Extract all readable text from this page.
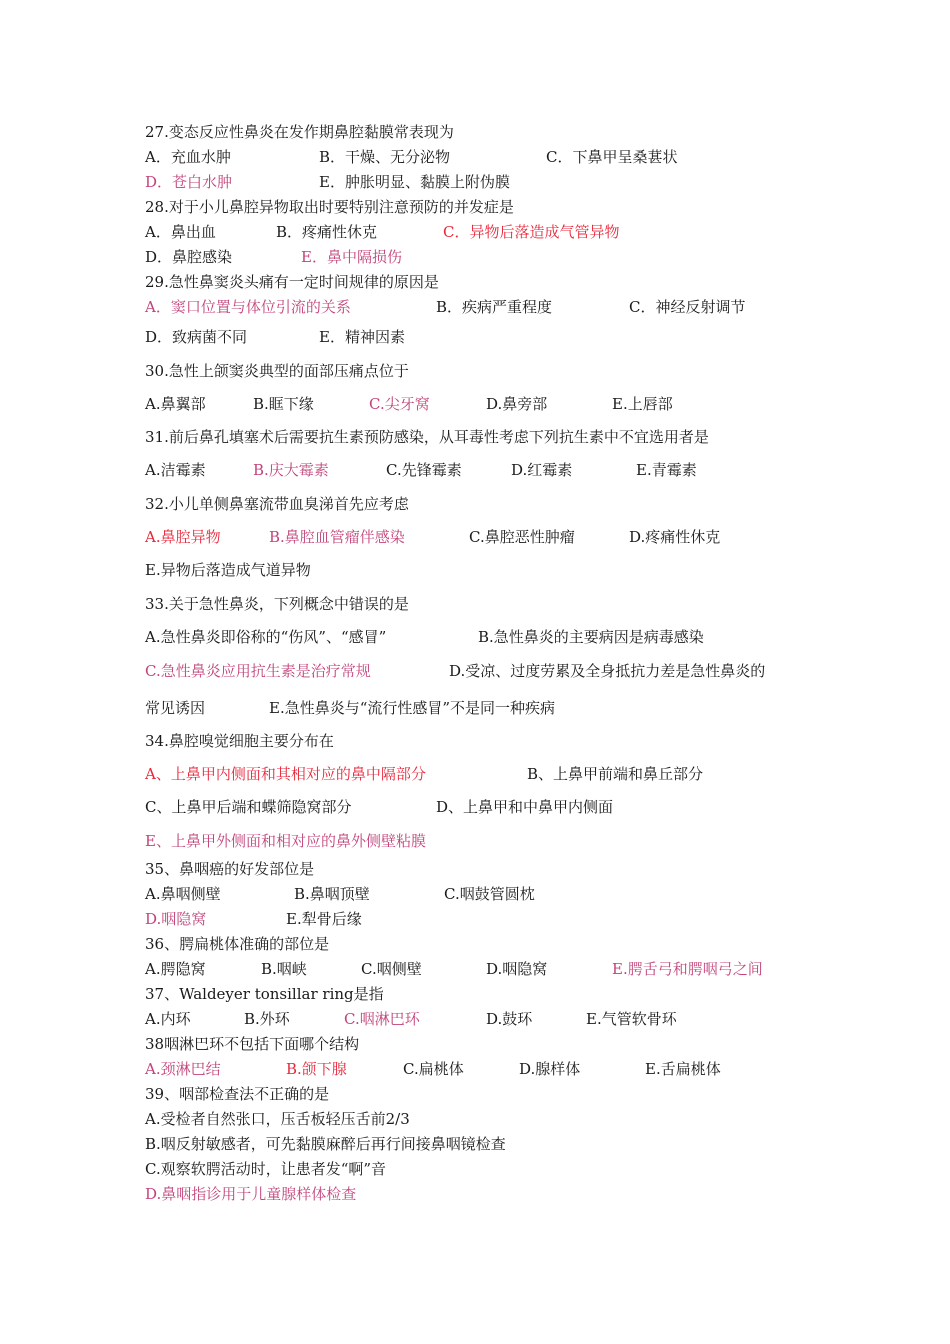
27.变态反应性鼻炎在发作期鼻腔黏膜常表现为
A．充血水肿	B．干燥、无分泌物	C．下鼻甲呈桑葚状
D．苍白水肿	E．肿胀明显、黏膜上附伪膜
28.对于小儿鼻腔异物取出时要特别注意预防的并发症是
A．鼻出血	B．疼痛性休克	C．异物后落造成气管异物
D．鼻腔感染	E．鼻中隔损伤
29.急性鼻窦炎头痛有一定时间规律的原因是
A．窦口位置与体位引流的关系	B．疾病严重程度	C．神经反射调节
D．致病菌不同	E．精神因素
30.急性上颌窦炎典型的面部压痛点位于
A.鼻翼部	B.眶下缘	C.尖牙窝	D.鼻旁部	E.上唇部
31.前后鼻孔填塞术后需要抗生素预防感染，从耳毒性考虑下列抗生素中不宜选用者是
A.洁霉素	B.庆大霉素	C.先锋霉素	D.红霉素	E.青霉素
32.小儿单侧鼻塞流带血臭涕首先应考虑
A.鼻腔异物	B.鼻腔血管瘤伴感染	C.鼻腔恶性肿瘤	D.疼痛性休克
E.异物后落造成气道异物
33.关于急性鼻炎，下列概念中错误的是
A.急性鼻炎即俗称的“伤风”、“感冒”	B.急性鼻炎的主要病因是病毒感染
C.急性鼻炎应用抗生素是治疗常规	D.受凉、过度劳累及全身抵抗力差是急性鼻炎的
常见诱因	E.急性鼻炎与“流行性感冒”不是同一种疾病
34.鼻腔嗅觉细胞主要分布在
A、上鼻甲内侧面和其相对应的鼻中隔部分	B、上鼻甲前端和鼻丘部分
C、上鼻甲后端和蝶筛隐窝部分	D、上鼻甲和中鼻甲内侧面
E、上鼻甲外侧面和相对应的鼻外侧壁粘膜
35、鼻咽癌的好发部位是
A.鼻咽侧壁	B.鼻咽顶壁	C.咽鼓管圆枕
D.咽隐窝	E.犁骨后缘
36、腭扁桃体准确的部位是
A.腭隐窝	B.咽峡	C.咽侧壁	D.咽隐窝	E.腭舌弓和腭咽弓之间
37、Waldeyer tonsillar ring是指
A.内环	B.外环	C.咽淋巴环	D.鼓环	E.气管软骨环
38咽淋巴环不包括下面哪个结构
A.颈淋巴结	B.颌下腺	C.扁桃体	D.腺样体	E.舌扁桃体
39、咽部检查法不正确的是
A.受检者自然张口，压舌板轻压舌前2/3
B.咽反射敏感者，可先黏膜麻醉后再行间接鼻咽镜检查
C.观察软腭活动时，让患者发“啊”音
D.鼻咽指诊用于儿童腺样体检查
